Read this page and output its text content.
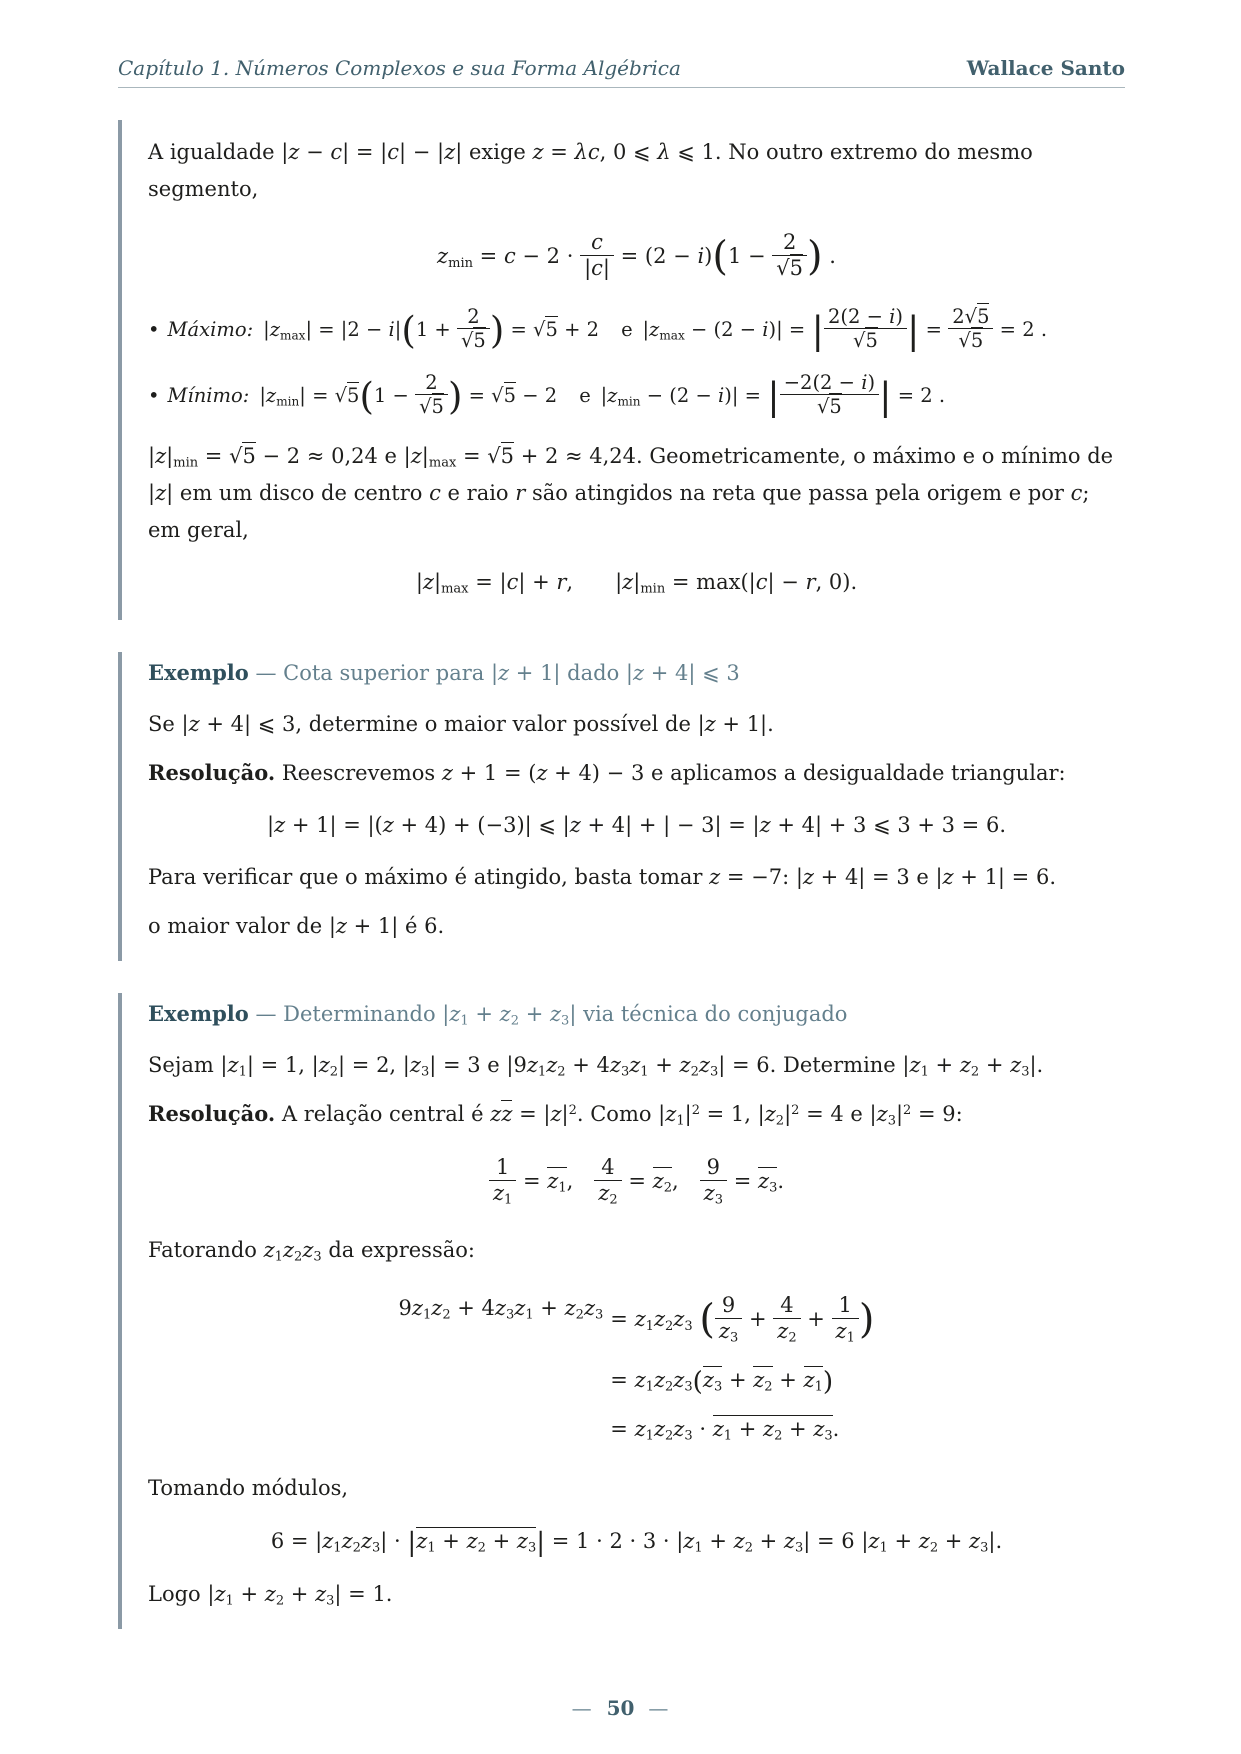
Capítulo 1. Números Complexos e sua Forma Algébrica	Wallace Santo

A igualdade |z − c| = |c| − |z| exige z = λc, 0 ⩽ λ ⩽ 1. No outro extremo do mesmo segmento,

$z_{min} = c - 2 \cdot \frac{c}{|c|} = (2 - i)(1 - \frac{2}{√5}$ ) .
• Máximo: $|z_{max}| = |2 - i|(1 + \frac{2}{√5}$ ) = √5 + 2   e $|z_{max} - (2 - i)|$ = | $\frac{2(2 - i)}{√5}$ | = $\frac{2√5}{√5} = 2$ .
• Mínimo: $|z_{min}| = √5(1 - \frac{2}{√5}$ ) = √5 − 2   e $|z_{min} - (2 - i)|$ = | $\frac{-2(2 - i)}{√5}$ | = 2 .

$|z|_{min} = √5 - 2 \approx 0,24$ e $|z|_{max} = √5 + 2 \approx 4,24$. Geometricamente, o máximo e o mínimo de |z| em um disco de centro c e raio r são atingidos na reta que passa pela origem e por c; em geral,

$|z|_{max} = |c| + r$,  $|z|_{min} = \max(|c| - r$, 0).
Exemplo — Cota superior para |z + 1| dado |z + 4| ⩽ 3

Se |z + 4| ⩽ 3, determine o maior valor possível de |z + 1|.

Resolução. Reescrevemos z + 1 = (z + 4) − 3 e aplicamos a desigualdade triangular:

|z + 1| = |(z + 4) + (−3)| ⩽ |z + 4| + | − 3| = |z + 4| + 3 ⩽ 3 + 3 = 6.

Para verificar que o máximo é atingido, basta tomar z = −7: |z + 4| = 3 e |z + 1| = 6.

o maior valor de |z + 1| é 6.

Exemplo — Determinando $|z_1 + z_2 + z_3|$ via técnica do conjugado

Sejam $|z_1| = 1$, $|z_2| = 2$, $|z_3| = 3$ e $|9z_1z_2 + 4z_3z_1 + z_2z_3| = 6$. Determine $|z_1 + z_2 + z_3|$.

Resolução. A relação central é zz = $|z|^2$. Como $|z_1|^2 = 1$, $|z_2|^2 = 4$ e $|z_3|^2 = 9$:

$\frac{1}{z_1} = z_1$,  $\frac{4}{z_2} = z_2$,  $\frac{9}{z_3} = z_3$.

Fatorando $z_1z_2z_3$ da expressão:

$9z_1z_2 + 4z_3z_1 + z_2z_3 = z_1z_2z_3$ ( $\frac{9}{z_3} + \frac{4}{z_2} + \frac{1}{z_1}$ )
= $z_1z_2z_3(z_3 + z_2 + z_1)$
= $z_1z_2z_3 \cdot z_1 + z_2 + z_3$.

Tomando módulos,

$6 = |z_1z_2z_3| \cdot |z_1 + z_2 + z_3| = 1 \cdot 2 \cdot 3 \cdot |z_1 + z_2 + z_3| = 6$ $|z_1 + z_2 + z_3|$.

Logo $|z_1 + z_2 + z_3| = 1$.

— 50 —
